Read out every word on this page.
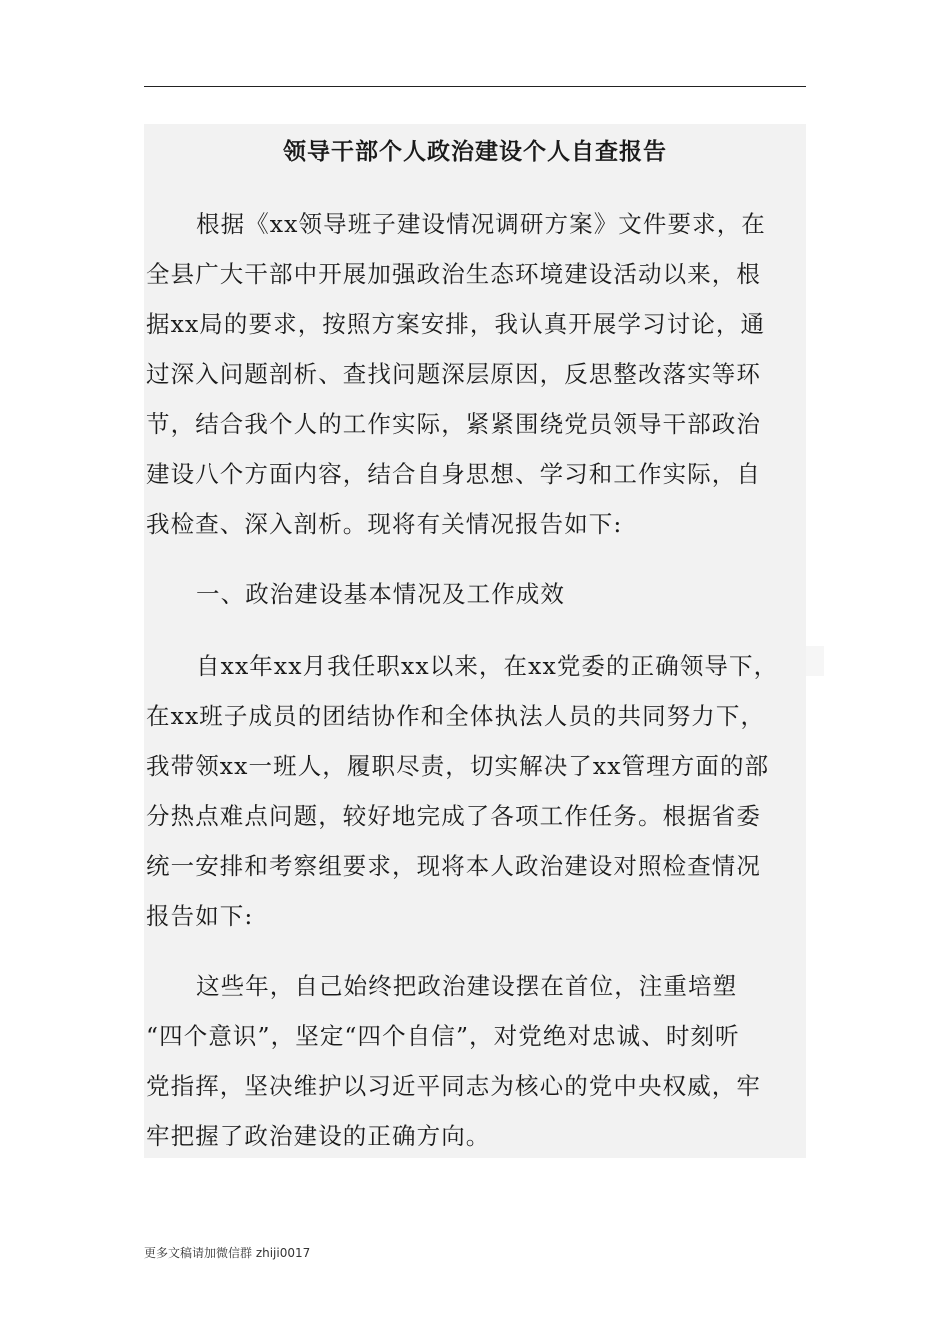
领导干部个人政治建设个人自查报告
根据《xx领导班子建设情况调研方案》文件要求，在
全县广大干部中开展加强政治生态环境建设活动以来，根
据xx局的要求，按照方案安排，我认真开展学习讨论，通
过深入问题剖析、查找问题深层原因，反思整改落实等环
节，结合我个人的工作实际，紧紧围绕党员领导干部政治
建设八个方面内容，结合自身思想、学习和工作实际，自
我检查、深入剖析。现将有关情况报告如下:
一、政治建设基本情况及工作成效
自xx年xx月我任职xx以来，在xx党委的正确领导下，
在xx班子成员的团结协作和全体执法人员的共同努力下，
我带领xx一班人，履职尽责，切实解决了xx管理方面的部
分热点难点问题，较好地完成了各项工作任务。根据省委
统一安排和考察组要求，现将本人政治建设对照检查情况
报告如下:
这些年，自己始终把政治建设摆在首位，注重培塑
“四个意识”，坚定“四个自信”，对党绝对忠诚、时刻听
党指挥，坚决维护以习近平同志为核心的党中央权威，牢
牢把握了政治建设的正确方向。
更多文稿请加微信群 zhiji0017
